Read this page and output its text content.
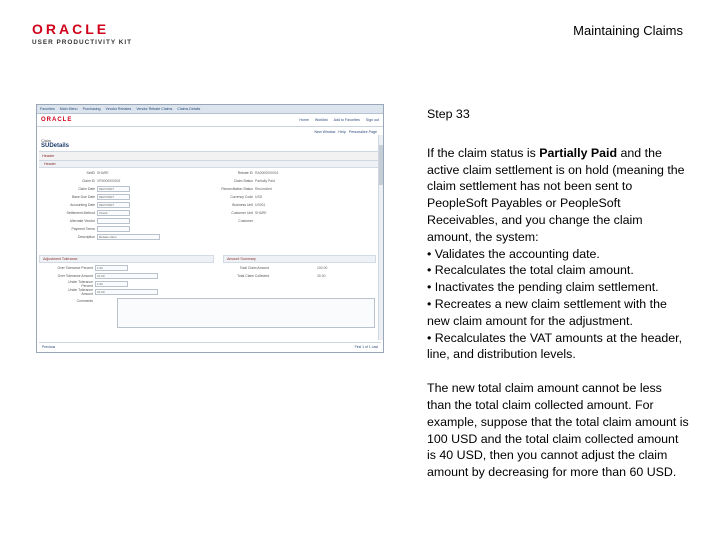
ORACLE
USER PRODUCTIVITY KIT
Maintaining Claims
Favorites Main Menu Purchasing Vendor Rebates Vendor Rebate Claims Claims Details
ORACLE	Home Worklist Add to Favorites Sign out
New Window Help Personalize Page
Claim
SUDetails
Header
Header
SetID SHARE
Claim ID VR0000000001
Claim Date	09/27/2007
Base Due Date	09/27/2007
Accounting Date	09/27/2007
Settlement Method	Check
Alternate Vendor
Payment Terms
Description	Rebate claim
Rebate ID RA0000000001
Claim Status Partially Paid
Reconciliation Status Reconciled
Currency Code USD
Business Unit US001
Customer Unit SHARE
Customer
Adjustment Tolerance	Amount Summary
Over Tolerance Percent	1.00
Over Tolerance Amount	10.00
Under Tolerance Percent	1.00
Under Tolerance Amount	10.00
Comments
Total Claim Amount	100.00
Total Claim Collected	40.00
Previous	First 1 of 1 Last
Step 33

If the claim status is Partially Paid and the active claim settlement is on hold (meaning the claim settlement has not been sent to PeopleSoft Payables or PeopleSoft Receivables, and you change the claim amount, the system:

• Validates the accounting date.
• Recalculates the total claim amount.
• Inactivates the pending claim settlement.
• Recreates a new claim settlement with the new claim amount for the adjustment.
• Recalculates the VAT amounts at the header, line, and distribution levels.

The new total claim amount cannot be less than the total claim collected amount. For example, suppose that the total claim amount is 100 USD and the total claim collected amount is 40 USD, then you cannot adjust the claim amount by decreasing for more than 60 USD.
